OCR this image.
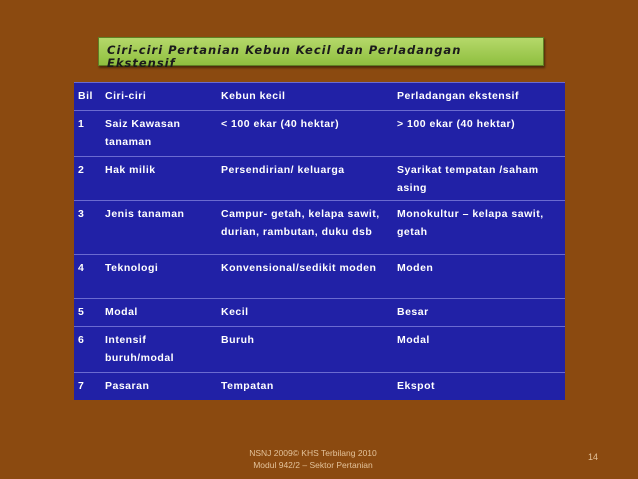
Ciri-ciri Pertanian Kebun Kecil dan Perladangan
Ekstensif
Bil	Ciri-ciri	Kebun kecil	Perladangan ekstensif

1	Saiz Kawasan tanaman	< 100 ekar (40 hektar)	> 100 ekar (40 hektar)

2	Hak milik	Persendirian/ keluarga	Syarikat tempatan /saham asing

3	Jenis tanaman	Campur- getah, kelapa sawit, durian, rambutan, duku dsb	Monokultur – kelapa sawit, getah

4	Teknologi	Konvensional/sedikit moden	Moden

5	Modal	Kecil	Besar

6	Intensif buruh/modal	Buruh	Modal

7	Pasaran	Tempatan	Ekspot
NSNJ 2009© KHS Terbilang 2010
Modul 942/2 – Sektor Pertanian
14
